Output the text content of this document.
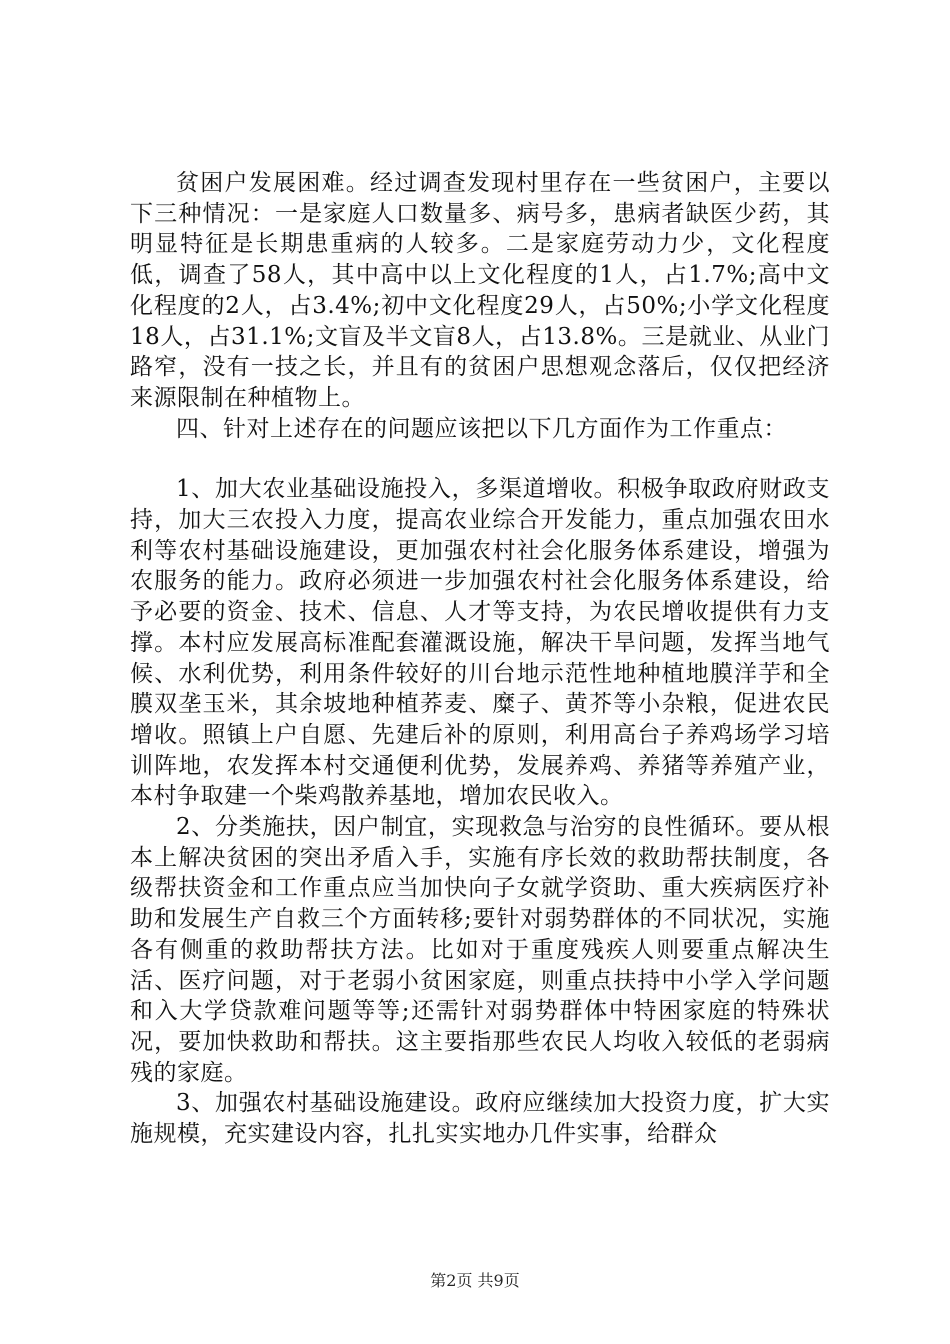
贫困户发展困难。经过调查发现村里存在一些贫困户，主要以下三种情况：一是家庭人口数量多、病号多，患病者缺医少药，其明显特征是长期患重病的人较多。二是家庭劳动力少，文化程度低，调查了58人，其中高中以上文化程度的1人，占1.7%;高中文化程度的2人，占3.4%;初中文化程度29人，占50%;小学文化程度18人，占31.1%;文盲及半文盲8人，占13.8%。三是就业、从业门路窄，没有一技之长，并且有的贫困户思想观念落后，仅仅把经济来源限制在种植物上。

四、针对上述存在的问题应该把以下几方面作为工作重点：

1、加大农业基础设施投入，多渠道增收。积极争取政府财政支持，加大三农投入力度，提高农业综合开发能力，重点加强农田水利等农村基础设施建设，更加强农村社会化服务体系建设，增强为农服务的能力。政府必须进一步加强农村社会化服务体系建设，给予必要的资金、技术、信息、人才等支持，为农民增收提供有力支撑。本村应发展高标准配套灌溉设施，解决干旱问题，发挥当地气候、水利优势，利用条件较好的川台地示范性地种植地膜洋芋和全膜双垄玉米，其余坡地种植荞麦、糜子、黄芥等小杂粮，促进农民增收。照镇上户自愿、先建后补的原则，利用高台子养鸡场学习培训阵地，农发挥本村交通便利优势，发展养鸡、养猪等养殖产业，本村争取建一个柴鸡散养基地，增加农民收入。

2、分类施扶，因户制宜，实现救急与治穷的良性循环。要从根本上解决贫困的突出矛盾入手，实施有序长效的救助帮扶制度，各级帮扶资金和工作重点应当加快向子女就学资助、重大疾病医疗补助和发展生产自救三个方面转移;要针对弱势群体的不同状况，实施各有侧重的救助帮扶方法。比如对于重度残疾人则要重点解决生活、医疗问题，对于老弱小贫困家庭，则重点扶持中小学入学问题和入大学贷款难问题等等;还需针对弱势群体中特困家庭的特殊状况，要加快救助和帮扶。这主要指那些农民人均收入较低的老弱病残的家庭。

3、加强农村基础设施建设。政府应继续加大投资力度，扩大实施规模，充实建设内容，扎扎实实地办几件实事，给群众

第2页 共9页
